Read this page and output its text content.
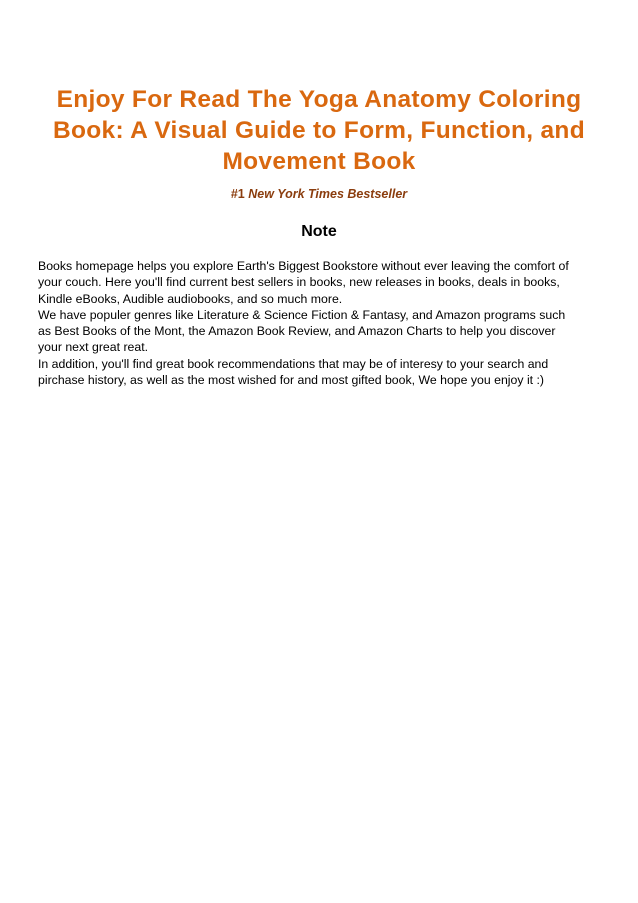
Enjoy For Read The Yoga Anatomy Coloring
Book: A Visual Guide to Form, Function, and
Movement Book
#1 New York Times Bestseller
Note
Books homepage helps you explore Earth's Biggest Bookstore without ever leaving the comfort of
your couch. Here you'll find current best sellers in books, new releases in books, deals in books,
Kindle eBooks, Audible audiobooks, and so much more.
We have populer genres like Literature & Science Fiction & Fantasy, and Amazon programs such
as Best Books of the Mont, the Amazon Book Review, and Amazon Charts to help you discover
your next great reat.
In addition, you'll find great book recommendations that may be of interesy to your search and
pirchase history, as well as the most wished for and most gifted book, We hope you enjoy it :)
